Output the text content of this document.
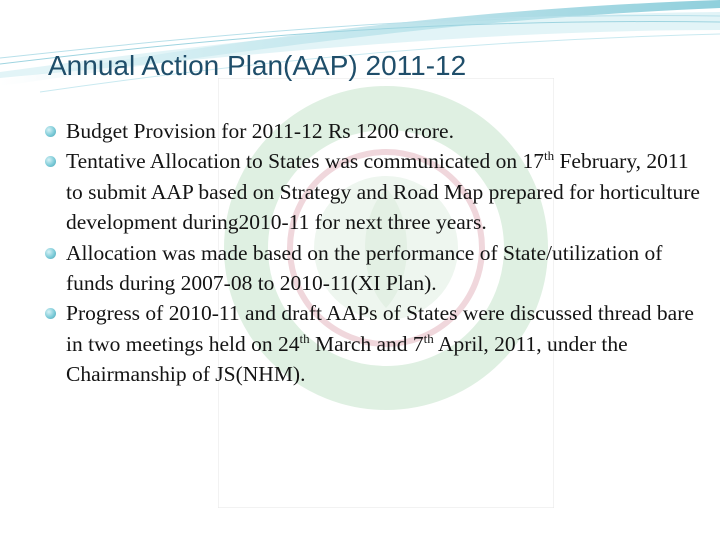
Annual Action Plan(AAP) 2011-12
Budget Provision for 2011-12 Rs 1200 crore.
Tentative Allocation to States was communicated on 17th February, 2011 to submit AAP based on Strategy and Road Map prepared for horticulture development during2010-11 for next three years.
Allocation was made based on the performance of State/utilization of funds during 2007-08 to 2010-11(XI Plan).
Progress of 2010-11 and draft AAPs of States were discussed thread bare in two meetings held on 24th March and 7th April, 2011, under the Chairmanship of JS(NHM).
